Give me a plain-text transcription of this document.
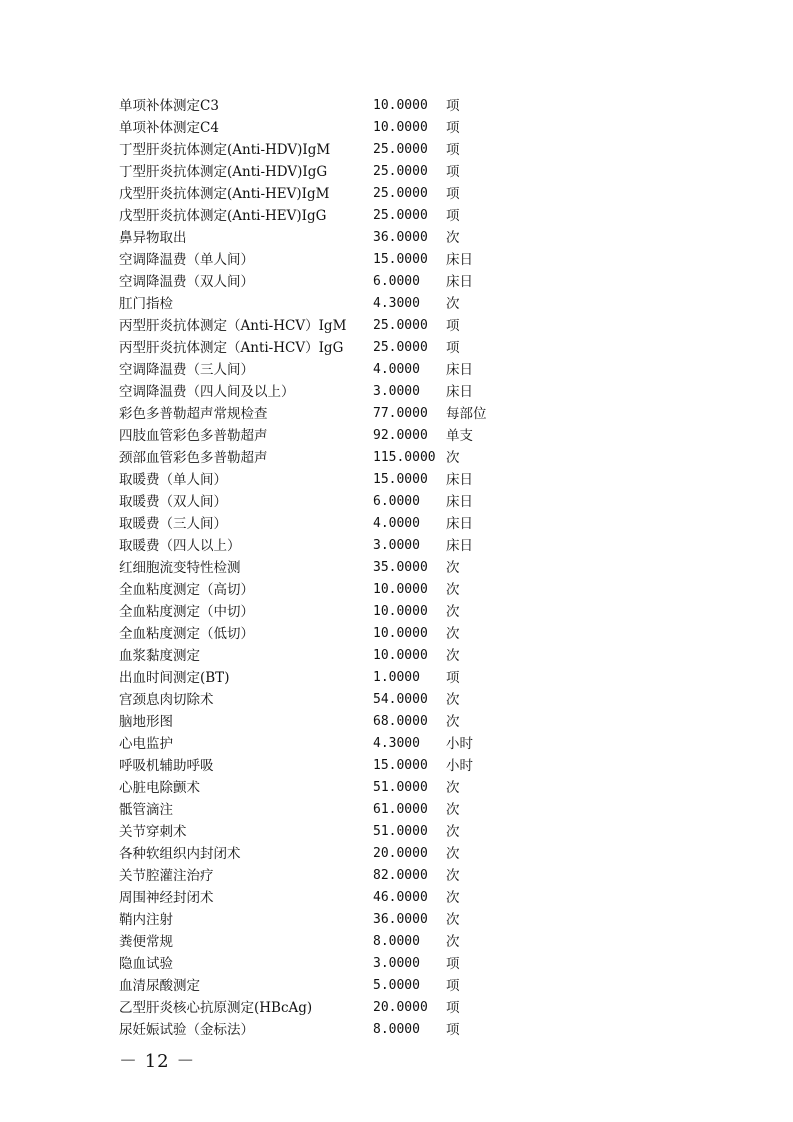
单项补体测定C3	10.0000 项
单项补体测定C4	10.0000 项
丁型肝炎抗体测定(Anti-HDV)IgM	25.0000 项
丁型肝炎抗体测定(Anti-HDV)IgG	25.0000 项
戊型肝炎抗体测定(Anti-HEV)IgM	25.0000 项
戊型肝炎抗体测定(Anti-HEV)IgG	25.0000 项
鼻异物取出	36.0000 次
空调降温费（单人间）	15.0000 床日
空调降温费（双人间）	6.0000 床日
肛门指检	4.3000 次
丙型肝炎抗体测定（Anti-HCV）IgM 25.0000 项
丙型肝炎抗体测定（Anti-HCV）IgG 25.0000 项
空调降温费（三人间）	4.0000 床日
空调降温费（四人间及以上）	3.0000 床日
彩色多普勒超声常规检查	77.0000 每部位
四肢血管彩色多普勒超声	92.0000 单支
颈部血管彩色多普勒超声	115.0000 次
取暖费（单人间）	15.0000 床日
取暖费（双人间）	6.0000 床日
取暖费（三人间）	4.0000 床日
取暖费（四人以上）	3.0000 床日
红细胞流变特性检测	35.0000 次
全血粘度测定（高切）	10.0000 次
全血粘度测定（中切）	10.0000 次
全血粘度测定（低切）	10.0000 次
血浆黏度测定	10.0000 次
出血时间测定(BT)	1.0000 项
宫颈息肉切除术	54.0000 次
脑地形图	68.0000 次
心电监护	4.3000 小时
呼吸机辅助呼吸	15.0000 小时
心脏电除颤术	51.0000 次
骶管滴注	61.0000 次
关节穿刺术	51.0000 次
各种软组织内封闭术	20.0000 次
关节腔灌注治疗	82.0000 次
周围神经封闭术	46.0000 次
鞘内注射	36.0000 次
粪便常规	8.0000 次
隐血试验	3.0000 项
血清尿酸测定	5.0000 项
乙型肝炎核心抗原测定(HBcAg)	20.0000 项
尿妊娠试验（金标法）	8.0000 项
－ 12 －
